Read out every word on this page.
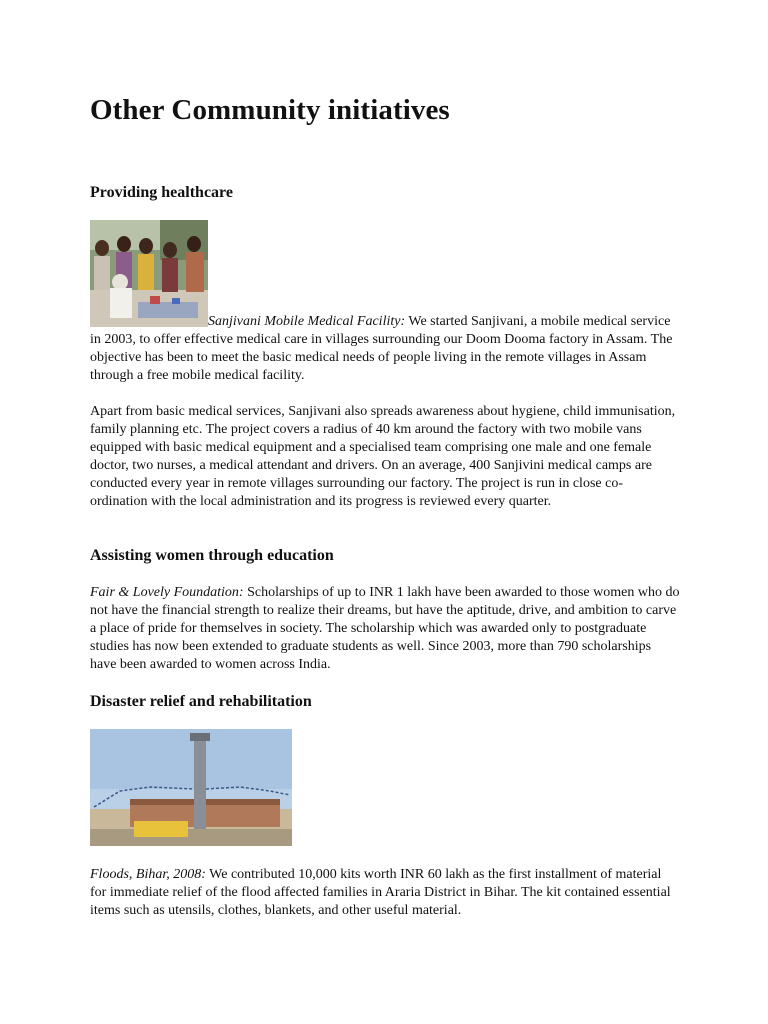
Other Community initiatives
Providing healthcare

Sanjivani Mobile Medical Facility: We started Sanjivani, a mobile medical service in 2003, to offer effective medical care in villages surrounding our Doom Dooma factory in Assam. The objective has been to meet the basic medical needs of people living in the remote villages in Assam through a free mobile medical facility.

Apart from basic medical services, Sanjivani also spreads awareness about hygiene, child immunisation, family planning etc. The project covers a radius of 40 km around the factory with two mobile vans equipped with basic medical equipment and a specialised team comprising one male and one female doctor, two nurses, a medical attendant and drivers. On an average, 400 Sanjivini medical camps are conducted every year in remote villages surrounding our factory. The project is run in close co-ordination with the local administration and its progress is reviewed every quarter.

Assisting women through education

Fair & Lovely Foundation: Scholarships of up to INR 1 lakh have been awarded to those women who do not have the financial strength to realize their dreams, but have the aptitude, drive, and ambition to carve a place of pride for themselves in society. The scholarship which was awarded only to postgraduate studies has now been extended to graduate students as well. Since 2003, more than 790 scholarships have been awarded to women across India.

Disaster relief and rehabilitation

Floods, Bihar, 2008: We contributed 10,000 kits worth INR 60 lakh as the first installment of material for immediate relief of the flood affected families in Araria District in Bihar. The kit contained essential items such as utensils, clothes, blankets, and other useful material.
